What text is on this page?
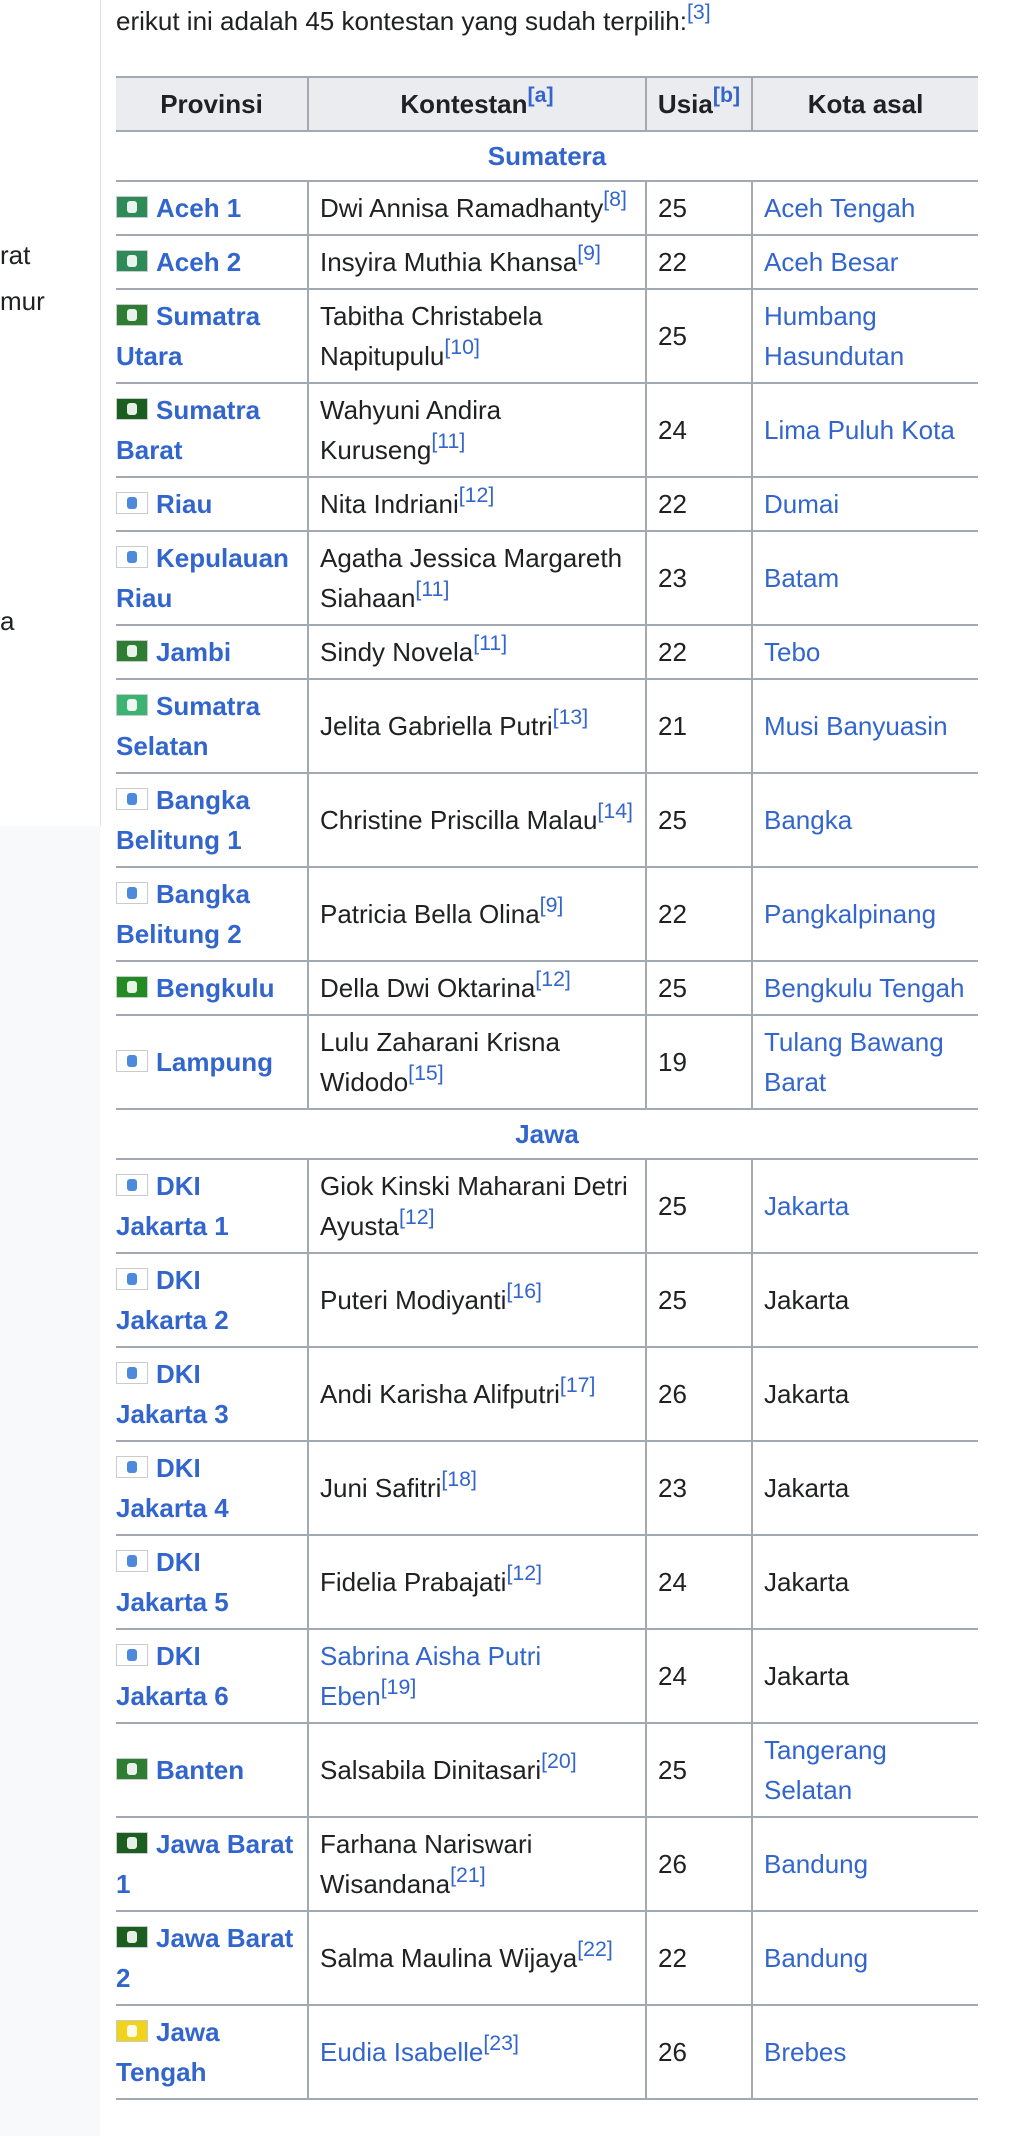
rat
mur
a
erikut ini adalah 45 kontestan yang sudah terpilih:[3]
Provinsi	Kontestan[a]	Usia[b]	Kota asal
Sumatera			

Aceh 1	Dwi Annisa Ramadhanty[8]	25	Aceh Tengah

Aceh 2	Insyira Muthia Khansa[9]	22	Aceh Besar

Sumatra Utara	Tabitha Christabela Napitupulu[10]	25	Humbang Hasundutan

Sumatra Barat	Wahyuni Andira Kuruseng[11]	24	Lima Puluh Kota

Riau	Nita Indriani[12]	22	Dumai

Kepulauan Riau	Agatha Jessica Margareth Siahaan[11]	23	Batam

Jambi	Sindy Novela[11]	22	Tebo

Sumatra Selatan	Jelita Gabriella Putri[13]	21	Musi Banyuasin

Bangka Belitung 1	Christine Priscilla Malau[14]	25	Bangka

Bangka Belitung 2	Patricia Bella Olina[9]	22	Pangkalpinang

Bengkulu	Della Dwi Oktarina[12]	25	Bengkulu Tengah

Lampung	Lulu Zaharani Krisna Widodo[15]	19	Tulang Bawang Barat
Jawa			

DKI Jakarta 1	Giok Kinski Maharani Detri Ayusta[12]	25	Jakarta

DKI Jakarta 2	Puteri Modiyanti[16]	25	Jakarta

DKI Jakarta 3	Andi Karisha Alifputri[17]	26	Jakarta

DKI Jakarta 4	Juni Safitri[18]	23	Jakarta

DKI Jakarta 5	Fidelia Prabajati[12]	24	Jakarta

DKI Jakarta 6	Sabrina Aisha Putri Eben[19]	24	Jakarta

Banten	Salsabila Dinitasari[20]	25	Tangerang Selatan

Jawa Barat 1	Farhana Nariswari Wisandana[21]	26	Bandung

Jawa Barat 2	Salma Maulina Wijaya[22]	22	Bandung

Jawa Tengah	Eudia Isabelle[23]	26	Brebes
